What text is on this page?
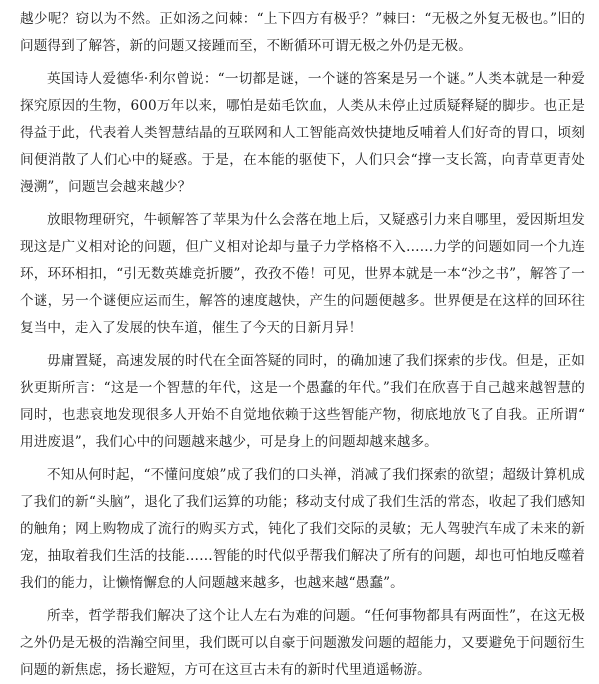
越少呢？窃以为不然。正如汤之问棘：“上下四方有极乎？”棘曰：“无极之外复无极也。”旧的问题得到了解答，新的问题又接踵而至，不断循环可谓无极之外仍是无极。

英国诗人爱德华·利尔曾说：“一切都是谜，一个谜的答案是另一个谜。”人类本就是一种爱探究原因的生物，600万年以来，哪怕是茹毛饮血，人类从未停止过质疑释疑的脚步。也正是得益于此，代表着人类智慧结晶的互联网和人工智能高效快捷地反哺着人们好奇的胃口，顷刻间便消散了人们心中的疑惑。于是，在本能的驱使下，人们只会“撑一支长篙，向青草更青处漫溯”，问题岂会越来越少？

放眼物理研究，牛顿解答了苹果为什么会落在地上后，又疑惑引力来自哪里，爱因斯坦发现这是广义相对论的问题，但广义相对论却与量子力学格格不入……力学的问题如同一个九连环，环环相扣，“引无数英雄竞折腰”，孜孜不倦！可见，世界本就是一本“沙之书”，解答了一个谜，另一个谜便应运而生，解答的速度越快，产生的问题便越多。世界便是在这样的回环往复当中，走入了发展的快车道，催生了今天的日新月异！

毋庸置疑，高速发展的时代在全面答疑的同时，的确加速了我们探索的步伐。但是，正如狄更斯所言：“这是一个智慧的年代，这是一个愚蠢的年代。”我们在欣喜于自己越来越智慧的同时，也悲哀地发现很多人开始不自觉地依赖于这些智能产物，彻底地放飞了自我。正所谓“用进废退”，我们心中的问题越来越少，可是身上的问题却越来越多。

不知从何时起，“不懂问度娘”成了我们的口头禅，消减了我们探索的欲望；超级计算机成了我们的新“头脑”，退化了我们运算的功能；移动支付成了我们生活的常态，收起了我们感知的触角；网上购物成了流行的购买方式，钝化了我们交际的灵敏；无人驾驶汽车成了未来的新宠，抽取着我们生活的技能……智能的时代似乎帮我们解决了所有的问题，却也可怕地反噬着我们的能力，让懒惰懈怠的人问题越来越多，也越来越“愚蠢”。

所幸，哲学帮我们解决了这个让人左右为难的问题。“任何事物都具有两面性”，在这无极之外仍是无极的浩瀚空间里，我们既可以自豪于问题激发问题的超能力，又要避免于问题衍生问题的新焦虑，扬长避短，方可在这亘古未有的新时代里逍遥畅游。
